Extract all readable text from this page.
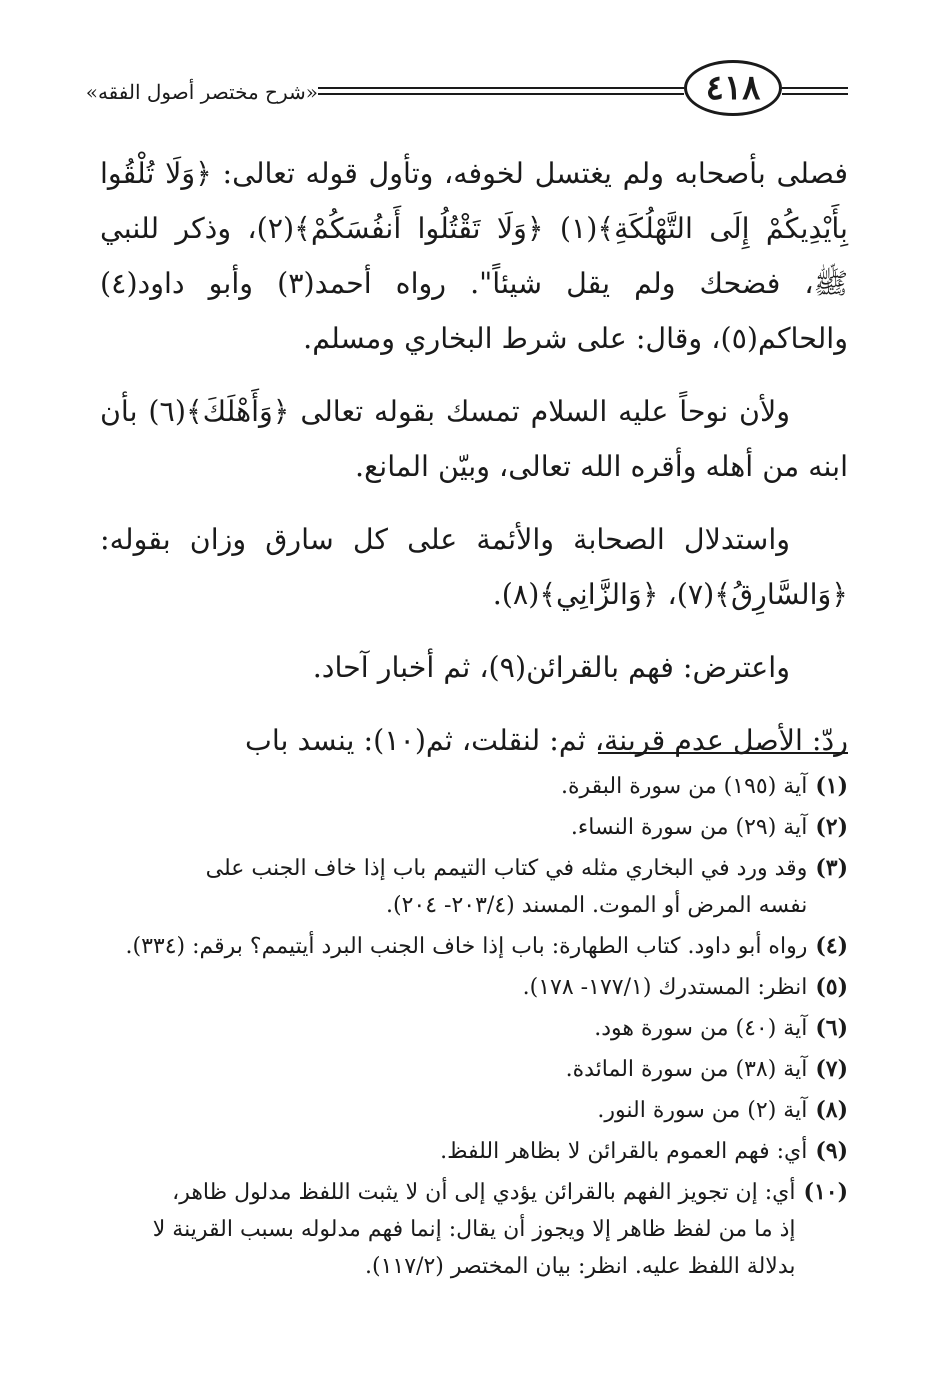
«شرح مختصر أصول الفقه»	٤١٨

فصلى بأصحابه ولم يغتسل لخوفه، وتأول قوله تعالى: ﴿وَلَا تُلْقُوا بِأَيْدِيكُمْ إِلَى التَّهْلُكَةِ﴾(١) ﴿وَلَا تَقْتُلُوا أَنفُسَكُمْ﴾(٢)، وذكر للنبي ﷺ، فضحك ولم يقل شيئاً". رواه أحمد(٣) وأبو داود(٤) والحاكم(٥)، وقال: على شرط البخاري ومسلم.

ولأن نوحاً عليه السلام تمسك بقوله تعالى ﴿وَأَهْلَكَ﴾(٦) بأن ابنه من أهله وأقره الله تعالى، وبيّن المانع.

واستدلال الصحابة والأئمة على كل سارق وزان بقوله: ﴿وَالسَّارِقُ﴾(٧)، ﴿وَالزَّانِي﴾(٨).

واعترض: فهم بالقرائن(٩)، ثم أخبار آحاد.

ردّ: الأصل عدم قرينة، ثم: لنقلت، ثم(١٠): ينسد باب

(١)
آية (١٩٥) من سورة البقرة.
(٢)
آية (٢٩) من سورة النساء.
(٣)
وقد ورد في البخاري مثله في كتاب التيمم باب إذا خاف الجنب على
نفسه المرض أو الموت. المسند (٢٠٣/٤- ٢٠٤).
(٤)
رواه أبو داود. كتاب الطهارة: باب إذا خاف الجنب البرد أيتيمم؟ برقم: (٣٣٤).
(٥)
انظر: المستدرك (١٧٧/١- ١٧٨).
(٦)
آية (٤٠) من سورة هود.
(٧)
آية (٣٨) من سورة المائدة.
(٨)
آية (٢) من سورة النور.
(٩)
أي: فهم العموم بالقرائن لا بظاهر اللفظ.
(١٠)
أي: إن تجويز الفهم بالقرائن يؤدي إلى أن لا يثبت اللفظ مدلول ظاهر،
إذ ما من لفظ ظاهر إلا ويجوز أن يقال: إنما فهم مدلوله بسبب القرينة لا
بدلالة اللفظ عليه. انظر: بيان المختصر (١١٧/٢).
